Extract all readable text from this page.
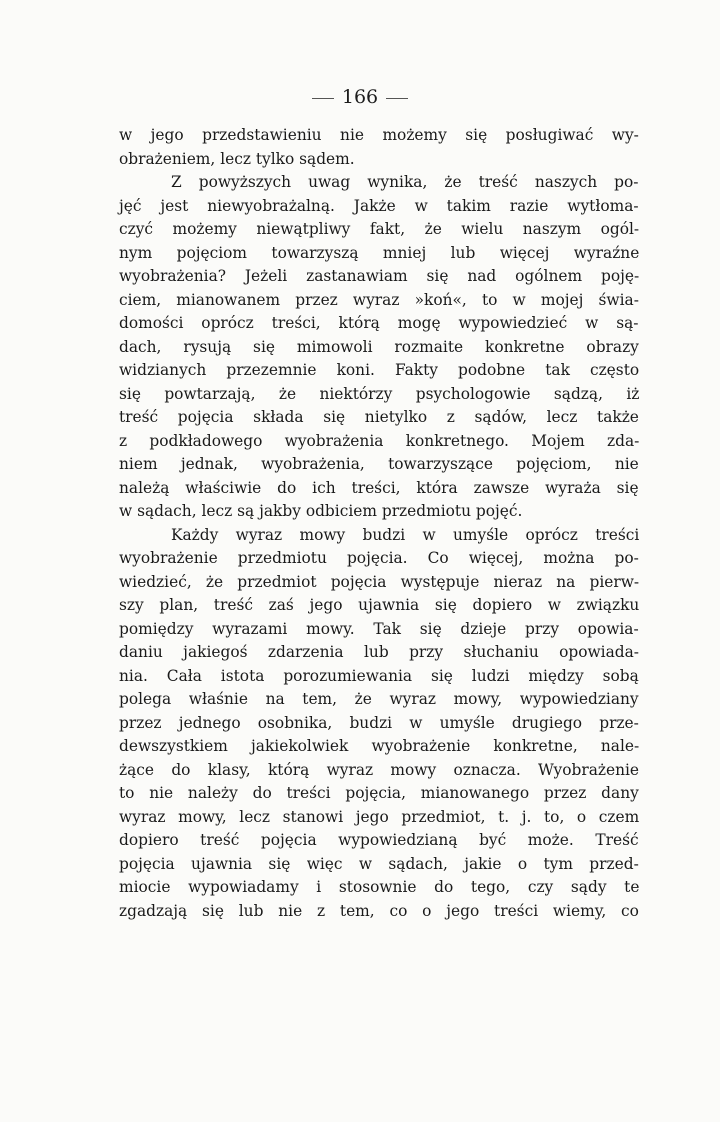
166
w jego przedstawieniu nie możemy się posługiwać wy-
obrażeniem, lecz tylko sądem.
Z powyższych uwag wynika, że treść naszych po-
jęć jest niewyobrażalną. Jakże w takim razie wytłoma-
czyć możemy niewątpliwy fakt, że wielu naszym ogól-
nym pojęciom towarzyszą mniej lub więcej wyraźne
wyobrażenia? Jeżeli zastanawiam się nad ogólnem poję-
ciem, mianowanem przez wyraz »koń«, to w mojej świa-
domości oprócz treści, którą mogę wypowiedzieć w są-
dach, rysują się mimowoli rozmaite konkretne obrazy
widzianych przezemnie koni. Fakty podobne tak często
się powtarzają, że niektórzy psychologowie sądzą, iż
treść pojęcia składa się nietylko z sądów, lecz także
z podkładowego wyobrażenia konkretnego. Mojem zda-
niem jednak, wyobrażenia, towarzyszące pojęciom, nie
należą właściwie do ich treści, która zawsze wyraża się
w sądach, lecz są jakby odbiciem przedmiotu pojęć.
Każdy wyraz mowy budzi w umyśle oprócz treści
wyobrażenie przedmiotu pojęcia. Co więcej, można po-
wiedzieć, że przedmiot pojęcia występuje nieraz na pierw-
szy plan, treść zaś jego ujawnia się dopiero w związku
pomiędzy wyrazami mowy. Tak się dzieje przy opowia-
daniu jakiegoś zdarzenia lub przy słuchaniu opowiada-
nia. Cała istota porozumiewania się ludzi między sobą
polega właśnie na tem, że wyraz mowy, wypowiedziany
przez jednego osobnika, budzi w umyśle drugiego prze-
dewszystkiem jakiekolwiek wyobrażenie konkretne, nale-
żące do klasy, którą wyraz mowy oznacza. Wyobrażenie
to nie należy do treści pojęcia, mianowanego przez dany
wyraz mowy, lecz stanowi jego przedmiot, t. j. to, o czem
dopiero treść pojęcia wypowiedzianą być może. Treść
pojęcia ujawnia się więc w sądach, jakie o tym przed-
miocie wypowiadamy i stosownie do tego, czy sądy te
zgadzają się lub nie z tem, co o jego treści wiemy, co
